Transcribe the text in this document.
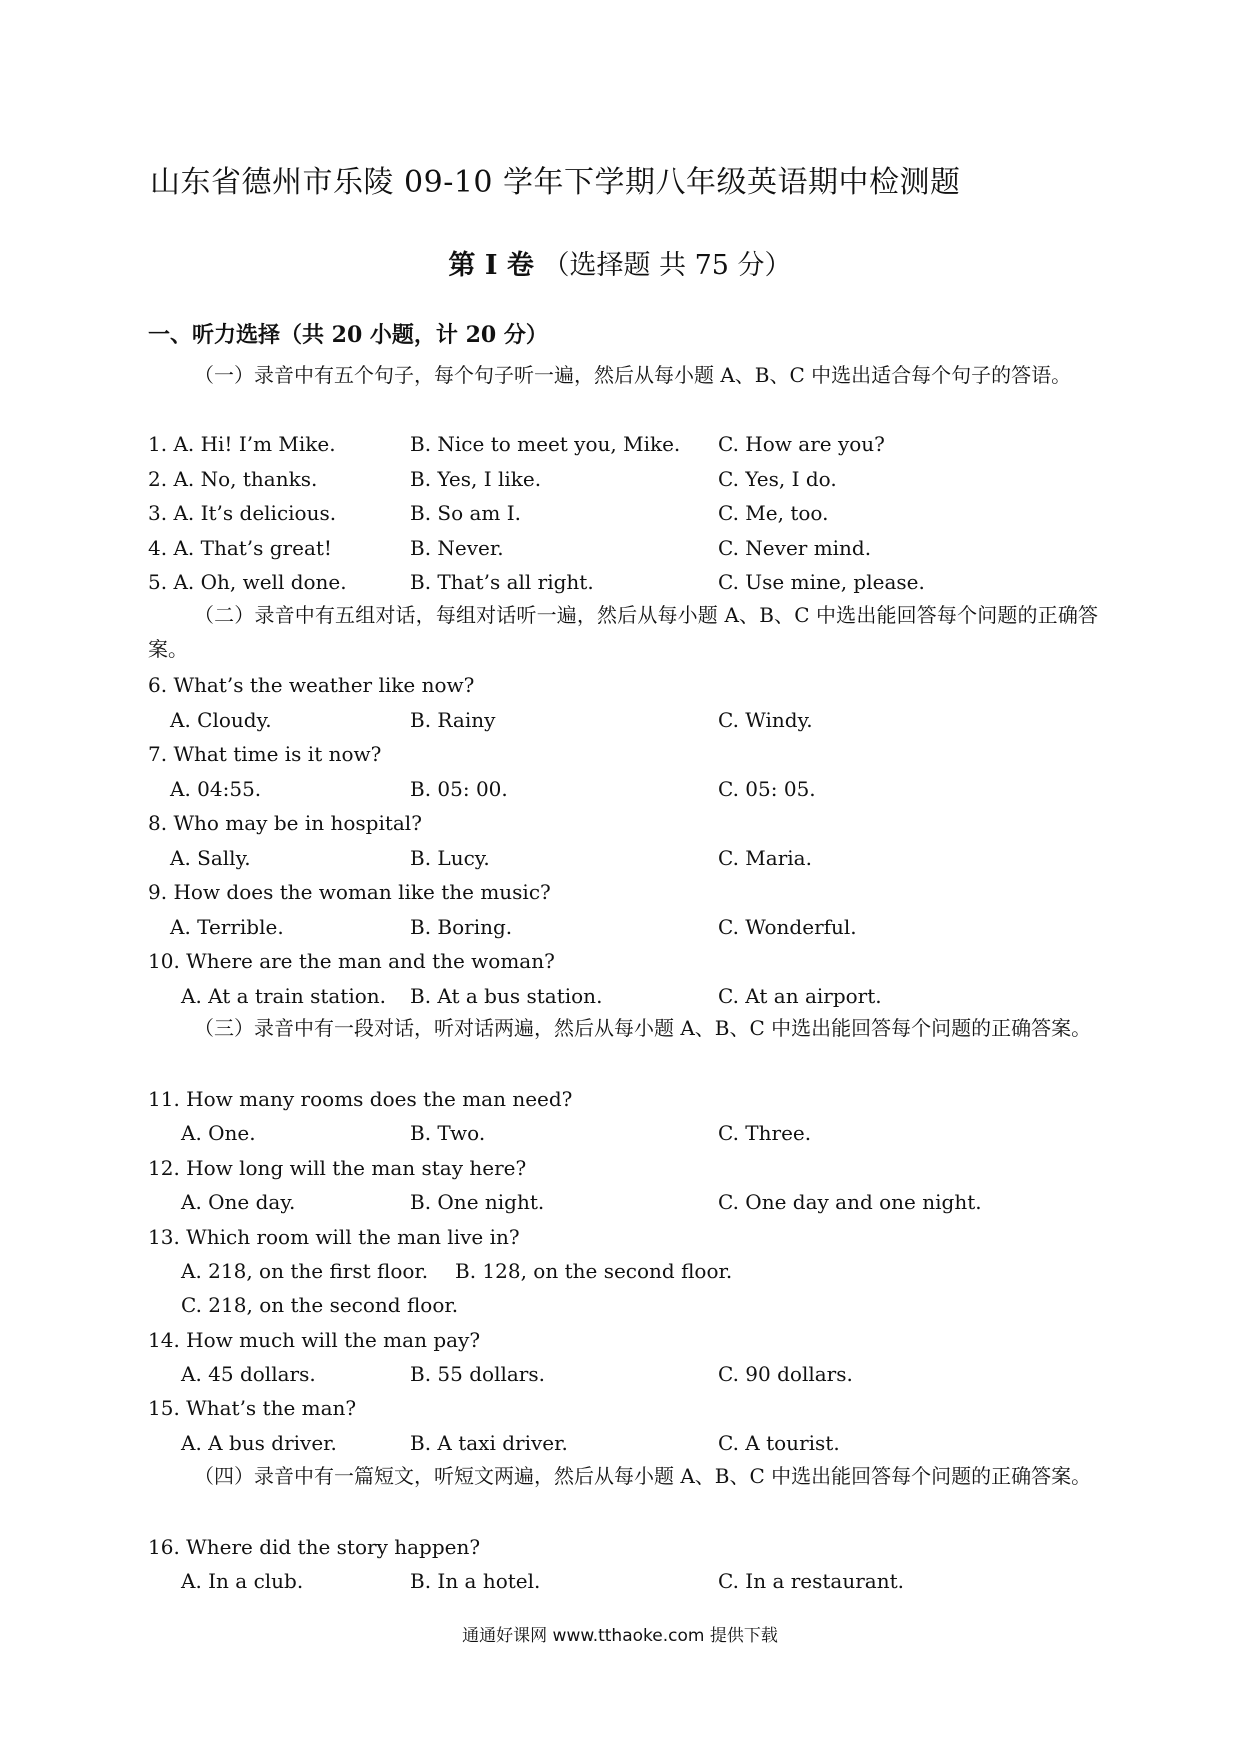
山东省德州市乐陵 09-10 学年下学期八年级英语期中检测题
第 I 卷 （选择题 共 75 分）
一、听力选择（共 20 小题，计 20 分）
（一）录音中有五个句子，每个句子听一遍，然后从每小题 A、B、C 中选出适合每个句子的答语。
1. A. Hi! I’m Mike.	B. Nice to meet you, Mike. C. How are you?
2. A. No, thanks.	B. Yes, I like.	C. Yes, I do.
3. A. It’s delicious.	B. So am I.	C. Me, too.
4. A. That’s great!	B. Never.	C. Never mind.
5. A. Oh, well done.	B. That’s all right.	C. Use mine, please.
（二）录音中有五组对话，每组对话听一遍，然后从每小题 A、B、C 中选出能回答每个问题的正确答案。
6. What’s the weather like now?
A. Cloudy.	B. Rainy	C. Windy.
7. What time is it now?
A. 04:55.	B. 05: 00.	C. 05: 05.
8. Who may be in hospital?
A. Sally.	B. Lucy.	C. Maria.
9. How does the woman like the music?
A. Terrible.	B. Boring.	C. Wonderful.
10. Where are the man and the woman?
A. At a train station. B. At a bus station.	C. At an airport.
（三）录音中有一段对话，听对话两遍，然后从每小题 A、B、C 中选出能回答每个问题的正确答案。
11. How many rooms does the man need?
A. One.	B. Two.	C. Three.
12. How long will the man stay here?
A. One day.	B. One night.	C. One day and one night.
13. Which room will the man live in?
A. 218, on the first floor. B. 128, on the second floor.
C. 218, on the second floor.
14. How much will the man pay?
A. 45 dollars.	B. 55 dollars.	C. 90 dollars.
15. What’s the man?
A. A bus driver.	B. A taxi driver.	C. A tourist.
（四）录音中有一篇短文，听短文两遍，然后从每小题 A、B、C 中选出能回答每个问题的正确答案。
16. Where did the story happen?
A. In a club.	B. In a hotel.	C. In a restaurant.
通通好课网 www.tthaoke.com 提供下载
